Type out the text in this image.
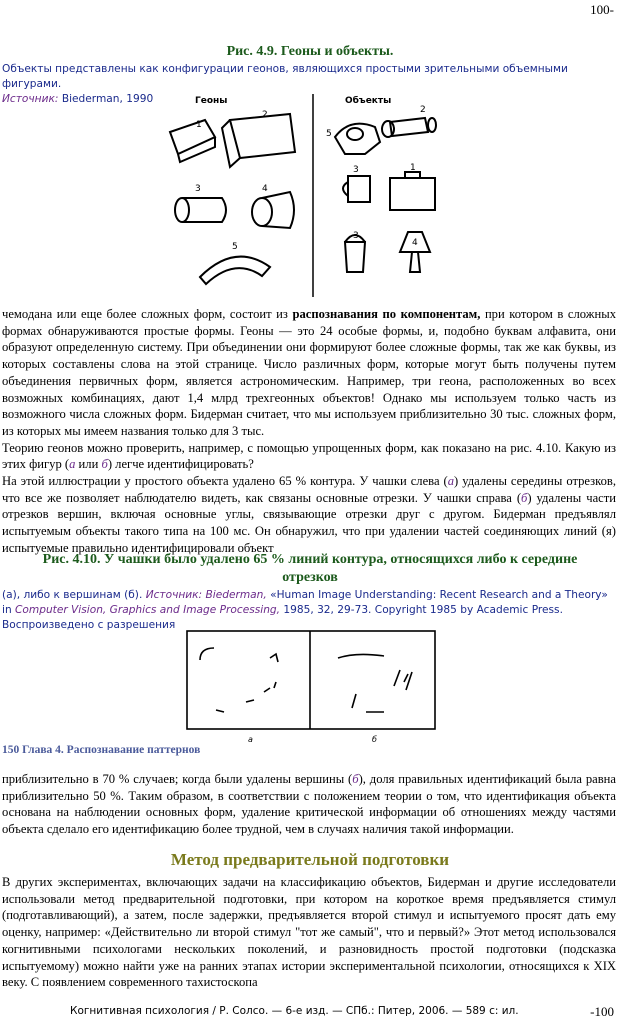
100-
Рис. 4.9. Геоны и объекты.
Объекты представлены как конфигурации геонов, являющихся простыми зрительными объемными фигурами.
Источник: Biederman, 1990	Геоны	Объекты
1
2
3	4
5
5
2
3	1
3
4

чемодана или еще более сложных форм, состоит из распознавания по компонентам, при котором в сложных формах обнаруживаются простые формы. Геоны — это 24 особые формы, и, подобно буквам алфавита, они образуют определенную систему. При объединении они формируют более сложные формы, так же как буквы, из которых составлены слова на этой странице. Число различных форм, которые могут быть получены путем объединения первичных форм, является астрономическим. Например, три геона, расположенных во всех возможных комбинациях, дают 1,4 млрд трехгеонных объектов! Однако мы используем только часть из возможного числа сложных форм. Бидерман считает, что мы используем приблизительно 30 тыс. сложных форм, из которых мы имеем названия только для 3 тыс.

Теорию геонов можно проверить, например, с помощью упрощенных форм, как показано на рис. 4.10. Какую из этих фигур (а или б) легче идентифицировать?

На этой иллюстрации у простого объекта удалено 65 % контура. У чашки слева (а) удалены середины отрезков, что все же позволяет наблюдателю видеть, как связаны основные отрезки. У чашки справа (б) удалены части отрезков вершин, включая основные углы, связывающие отрезки друг с другом. Бидерман предъявлял испытуемым объекты такого типа на 100 мс. Он обнаружил, что при удалении частей соединяющих линий (я) испытуемые правильно идентифицировали объект

Рис. 4.10. У чашки было удалено 65 % линий контура, относящихся либо к середине отрезков
(а), либо к вершинам (б). Источник: Biederman, «Human Image Understanding: Recent Research and a Theory» in Computer Vision, Graphics and Image Processing, 1985, 32, 29-73. Copyright 1985 by Academic Press. Воспроизведено с разрешения
а	б
150 Глава 4. Распознавание паттернов

приблизительно в 70 % случаев; когда были удалены вершины (б), доля правильных идентификаций была равна приблизительно 50 %. Таким образом, в соответствии с положением теории о том, что идентификация объекта основана на наблюдении основных форм, удаление критической информации об отношениях между частями объекта сделало его идентификацию более трудной, чем в случаях наличия такой информации.

Метод предварительной подготовки

В других экспериментах, включающих задачи на классификацию объектов, Бидерман и другие исследователи использовали метод предварительной подготовки, при котором на короткое время предъявляется стимул (подготавливающий), а затем, после задержки, предъявляется второй стимул и испытуемого просят дать ему оценку, например: «Действительно ли второй стимул "тот же самый", что и первый?» Этот метод использовался когнитивными психологами нескольких поколений, и разновидность простой подготовки (подсказка испытуемому) можно найти уже на ранних этапах истории экспериментальной психологии, относящихся к XIX веку. С появлением современного тахистоскопа

Когнитивная психология / Р. Солсо. — 6-е изд. — СПб.: Питер, 2006. — 589 с: ил.	-100
